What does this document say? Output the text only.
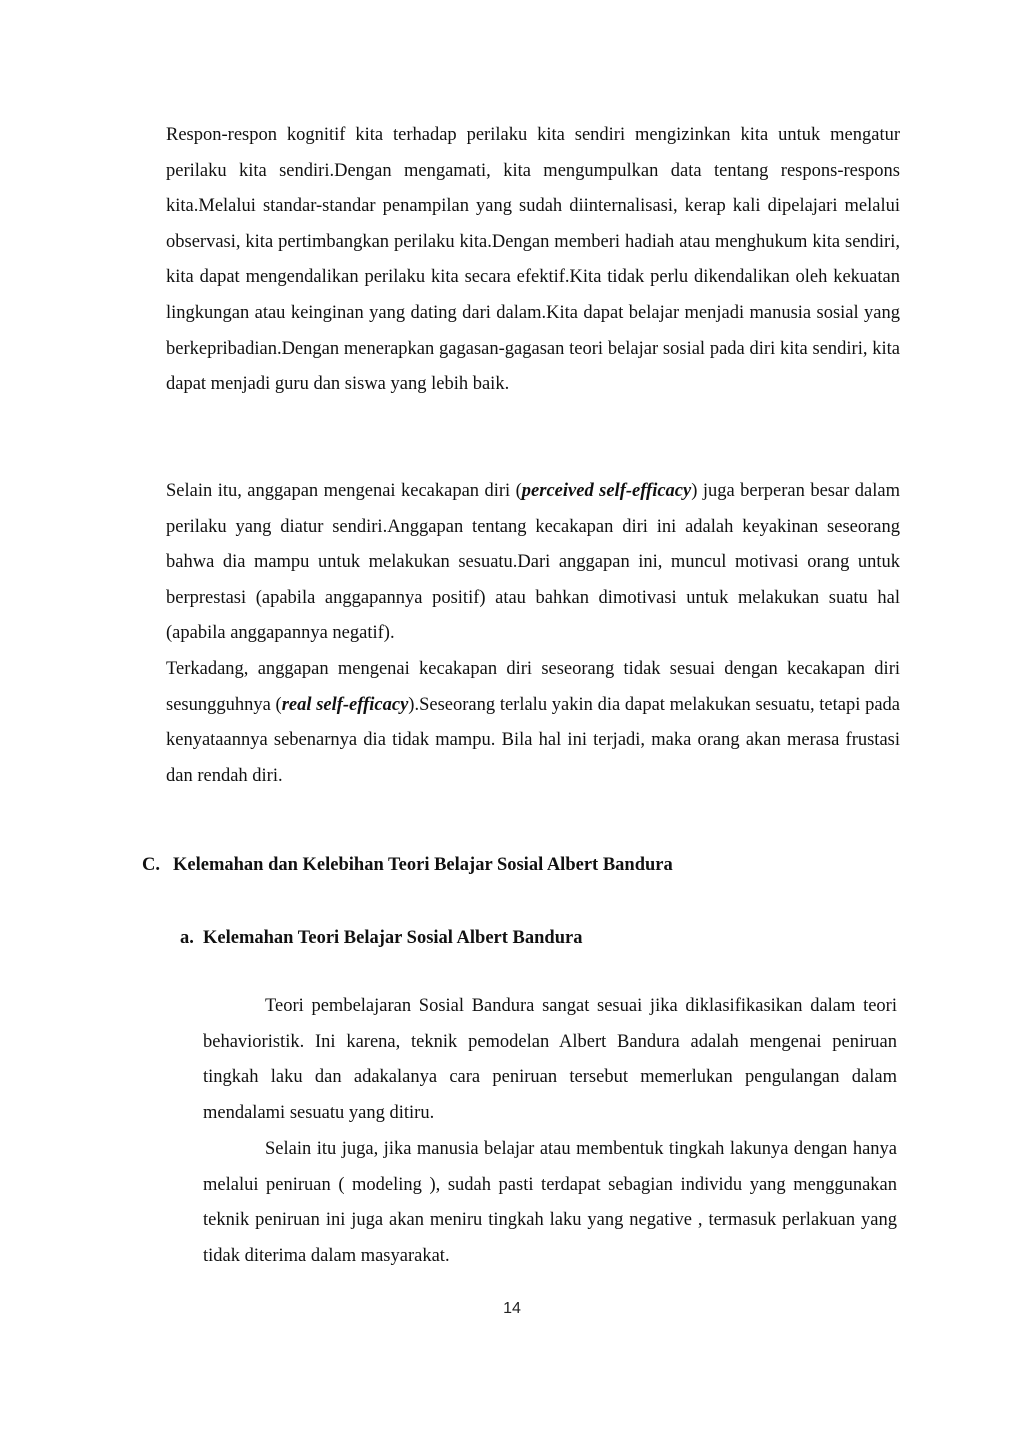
Respon-respon kognitif kita terhadap perilaku kita sendiri mengizinkan kita untuk mengatur perilaku kita sendiri.Dengan mengamati, kita mengumpulkan data tentang respons-respons kita.Melalui standar-standar penampilan yang sudah diinternalisasi, kerap kali dipelajari melalui observasi, kita pertimbangkan perilaku kita.Dengan memberi hadiah atau menghukum kita sendiri, kita dapat mengendalikan perilaku kita secara efektif.Kita tidak perlu dikendalikan oleh kekuatan lingkungan atau keinginan yang dating dari dalam.Kita dapat belajar menjadi manusia sosial yang berkepribadian.Dengan menerapkan gagasan-gagasan teori belajar sosial pada diri kita sendiri, kita dapat menjadi guru dan siswa yang lebih baik.

Selain itu, anggapan mengenai kecakapan diri (perceived self-efficacy) juga berperan besar dalam perilaku yang diatur sendiri.Anggapan tentang kecakapan diri ini adalah keyakinan seseorang bahwa dia mampu untuk melakukan sesuatu.Dari anggapan ini, muncul motivasi orang untuk berprestasi (apabila anggapannya positif) atau bahkan dimotivasi untuk melakukan suatu hal (apabila anggapannya negatif).

Terkadang, anggapan mengenai kecakapan diri seseorang tidak sesuai dengan kecakapan diri sesungguhnya (real self-efficacy).Seseorang terlalu yakin dia dapat melakukan sesuatu, tetapi pada kenyataannya sebenarnya dia tidak mampu. Bila hal ini terjadi, maka orang akan merasa frustasi dan rendah diri.

C. Kelemahan dan Kelebihan Teori Belajar Sosial Albert Bandura
a. Kelemahan Teori Belajar Sosial Albert Bandura

Teori pembelajaran Sosial Bandura sangat sesuai jika diklasifikasikan dalam teori behavioristik. Ini karena, teknik pemodelan Albert Bandura adalah mengenai peniruan tingkah laku dan adakalanya cara peniruan tersebut memerlukan pengulangan dalam mendalami sesuatu yang ditiru.

Selain itu juga, jika manusia belajar atau membentuk tingkah lakunya dengan hanya melalui peniruan ( modeling ), sudah pasti terdapat sebagian individu yang menggunakan teknik peniruan ini juga akan meniru tingkah laku yang negative , termasuk perlakuan yang tidak diterima dalam masyarakat.

14
